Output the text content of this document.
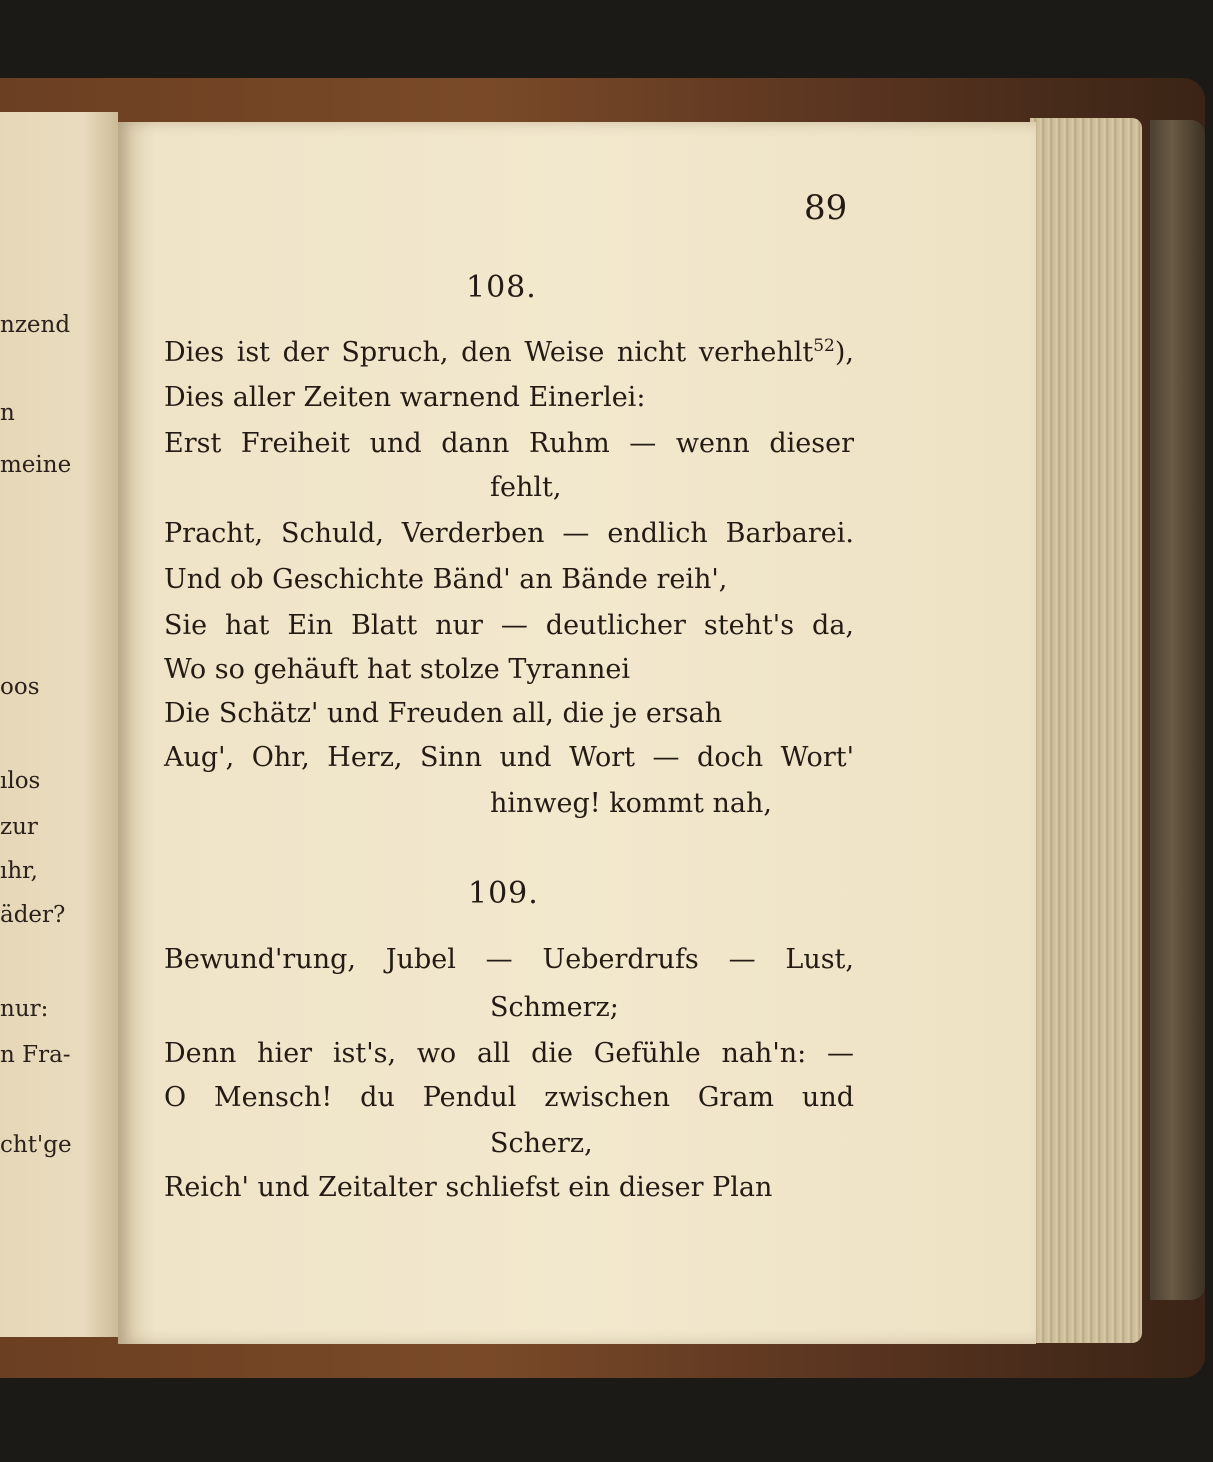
nzend
n
meine
oos
ılos
zur
ıhr,
äder?
nur:
n Fra-
cht'ge
89
108.
Dies ist der Spruch, den Weise nicht verhehlt$^{52}$),
Dies aller Zeiten warnend Einerlei:
Erst Freiheit und dann Ruhm — wenn dieser
fehlt,
Pracht, Schuld, Verderben — endlich Barbarei.
Und ob Geschichte Bänd' an Bände reih',
Sie hat Ein Blatt nur — deutlicher steht's da,
Wo so gehäuft hat stolze Tyrannei
Die Schätz' und Freuden all, die je ersah
Aug', Ohr, Herz, Sinn und Wort — doch Wort'
hinweg! kommt nah,
109.
Bewund'rung, Jubel — Ueberdrufs — Lust,
Schmerz;
Denn hier ist's, wo all die Gefühle nah'n: —
O Mensch! du Pendul zwischen Gram und
Scherz,
Reich' und Zeitalter schliefst ein dieser Plan
